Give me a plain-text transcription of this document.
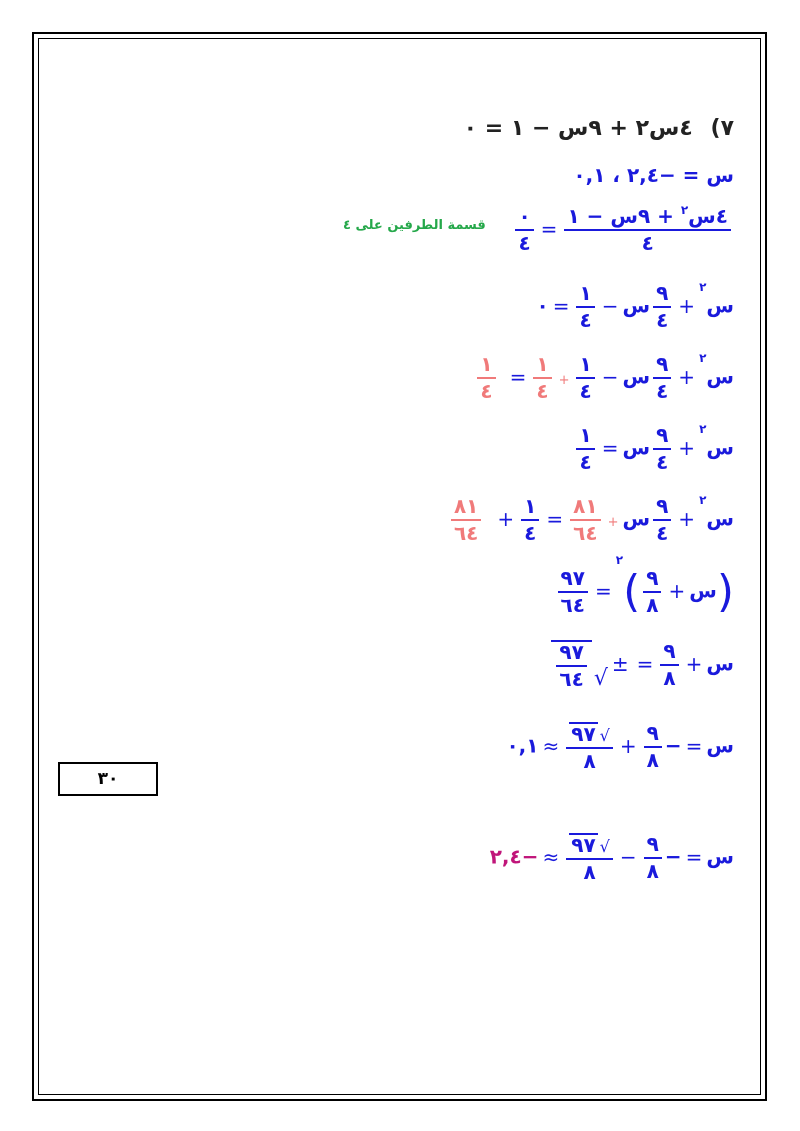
٧) ٤س٢ + ٩س − ١ = ٠
س = −٢,٤ ، ٠,١
$\frac{٤س^٢ + ٩س - ١}{٤}$
=
$\frac{٠}{٤}$
قسمة الطرفين على ٤
س$^٢$+
$\frac{٩}{٤}$
س−
$\frac{١}{٤}$
=٠
س$^٢$+
$\frac{٩}{٤}$
س−
$\frac{١}{٤}$
+
$\frac{١}{٤}$
=
$\frac{١}{٤}$
س$^٢$+
$\frac{٩}{٤}$
س=
$\frac{١}{٤}$
س$^٢$+
$\frac{٩}{٤}$
س+
$\frac{٨١}{٦٤}$
=
$\frac{١}{٤}$
+
$\frac{٨١}{٦٤}$
(س+
$\frac{٩}{٨}$
)$^٢$=
$\frac{٩٧}{٦٤}$
س+
$\frac{٩}{٨}$
=±
√
$\frac{٩٧}{٦٤}$
س=−
$\frac{٩}{٨}$
+
√
٩٧
٨
≈٠,١
س=−
$\frac{٩}{٨}$
−
√
٩٧
٨
≈−٢,٤
٣٠
